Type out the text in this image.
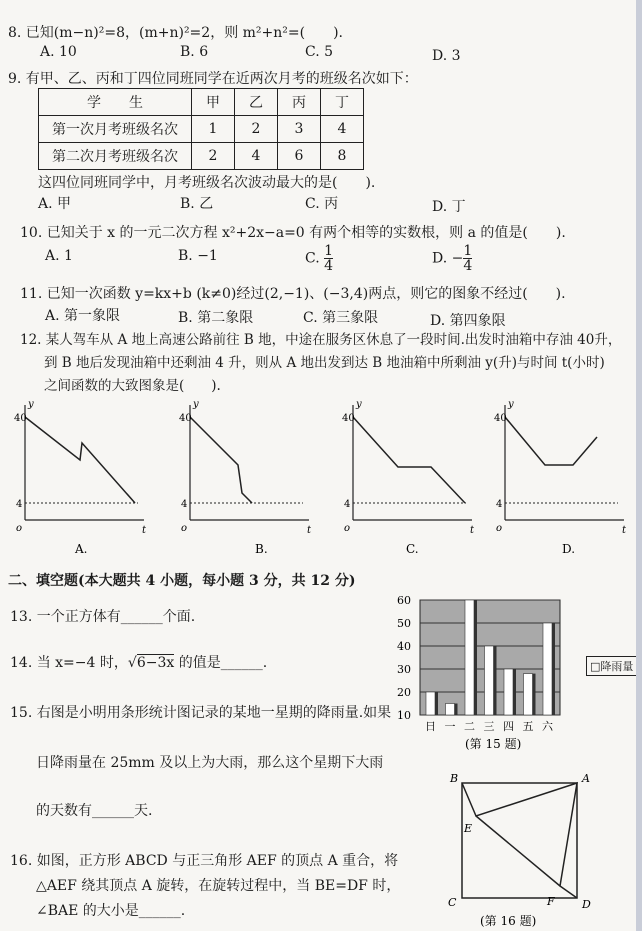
8. 已知(m−n)²=8，(m+n)²=2，则 m²+n²=(　　).
A. 10	B. 6	C. 5	D. 3
9. 有甲、乙、丙和丁四位同班同学在近两次月考的班级名次如下：
学　　生	甲	乙	丙	丁
第一次月考班级名次	1	2	3	4
第二次月考班级名次	2	4	6	8
这四位同班同学中，月考班级名次波动最大的是(　　).
A. 甲	B. 乙	C. 丙	D. 丁
10. 已知关于 x 的一元二次方程 x²+2x−a=0 有两个相等的实数根，则 a 的值是(　　).
A. 1	B. −1	C. $\frac{1}{4}$	D. − $\frac{1}{4}$
11. 已知一次函数 y=kx+b (k≠0)经过(2,−1)、(−3,4)两点，则它的图象不经过(　　).
A. 第一象限	B. 第二象限	C. 第三象限	D. 第四象限
12. 某人驾车从 A 地上高速公路前往 B 地，中途在服务区休息了一段时间.出发时油箱中存油 40升，
到 B 地后发现油箱中还剩油 4 升，则从 A 地出发到达 B 地油箱中所剩油 y(升)与时间 t(小时)
之间函数的大致图象是(　　).
y
40
4
o	t
A.
y
40
4
o	t
B.
y
40
4
o	t
C.
y
40
4
o	t
D.
二、填空题(本大题共 4 小题，每小题 3 分，共 12 分)
13. 一个正方体有______个面.
14. 当 x=−4 时，√6−3x 的值是______.
15. 右图是小明用条形统计图记录的某地一星期的降雨量.如果
日降雨量在 25mm 及以上为大雨，那么这个星期下大雨
的天数有______天.
16. 如图，正方形 ABCD 与正三角形 AEF 的顶点 A 重合，将
△AEF 绕其顶点 A 旋转，在旋转过程中，当 BE=DF 时，
∠BAE 的大小是______.
10
20
30
40
50
60
日 一 二 三 四 五 六
(第 15 题)
□降雨量
B	A
E
F
C	D
(第 16 题)
